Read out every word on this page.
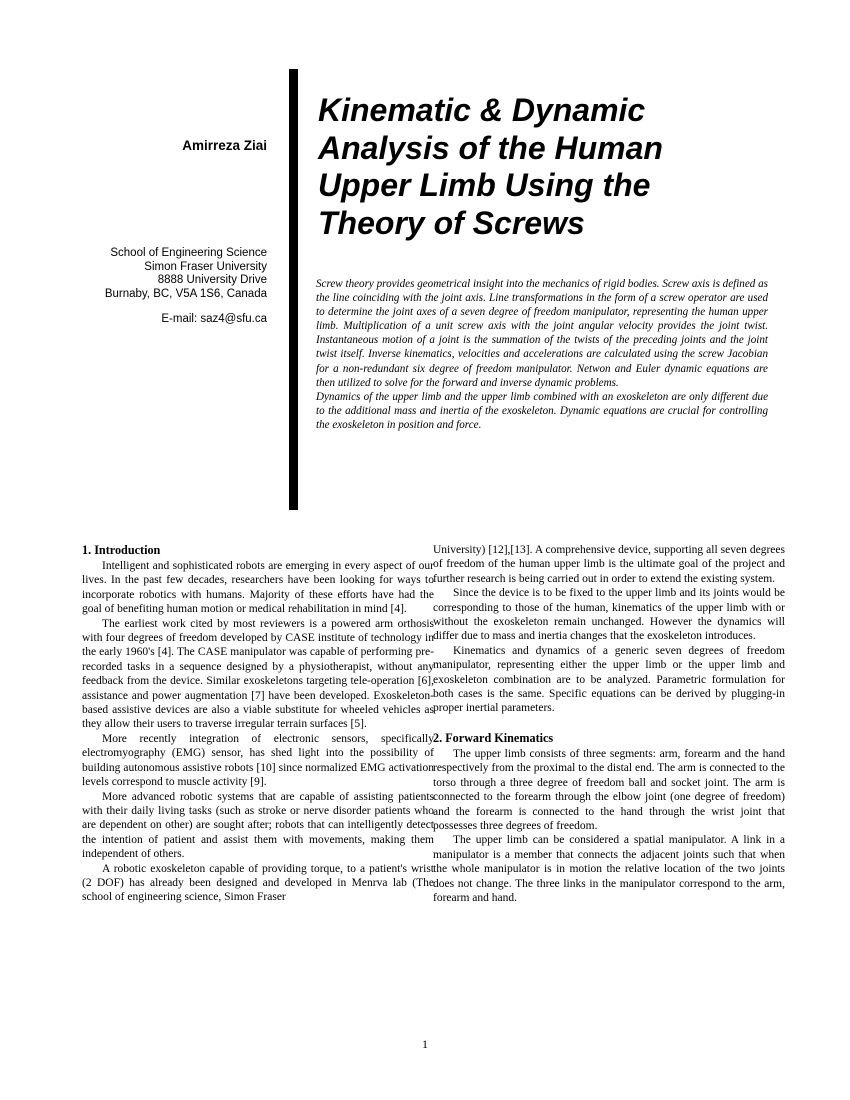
Amirreza Ziai
School of Engineering Science
Simon Fraser University
8888 University Drive
Burnaby, BC, V5A 1S6, Canada
E-mail: saz4@sfu.ca
Kinematic & Dynamic
Analysis of the Human
Upper Limb Using the
Theory of Screws

Screw theory provides geometrical insight into the mechanics of rigid bodies. Screw axis is defined as the line coinciding with the joint axis. Line transformations in the form of a screw operator are used to determine the joint axes of a seven degree of freedom manipulator, representing the human upper limb. Multiplication of a unit screw axis with the joint angular velocity provides the joint twist. Instantaneous motion of a joint is the summation of the twists of the preceding joints and the joint twist itself. Inverse kinematics, velocities and accelerations are calculated using the screw Jacobian for a non-redundant six degree of freedom manipulator. Netwon and Euler dynamic equations are then utilized to solve for the forward and inverse dynamic problems.

Dynamics of the upper limb and the upper limb combined with an exoskeleton are only different due to the additional mass and inertia of the exoskeleton. Dynamic equations are crucial for controlling the exoskeleton in position and force.

1. Introduction

Intelligent and sophisticated robots are emerging in every aspect of our lives. In the past few decades, researchers have been looking for ways to incorporate robotics with humans. Majority of these efforts have had the goal of benefiting human motion or medical rehabilitation in mind [4].

The earliest work cited by most reviewers is a powered arm orthosis with four degrees of freedom developed by CASE institute of technology in the early 1960's [4]. The CASE manipulator was capable of performing pre-recorded tasks in a sequence designed by a physiotherapist, without any feedback from the device. Similar exoskeletons targeting tele-operation [6], assistance and power augmentation [7] have been developed. Exoskeleton-based assistive devices are also a viable substitute for wheeled vehicles as they allow their users to traverse irregular terrain surfaces [5].

More recently integration of electronic sensors, specifically electromyography (EMG) sensor, has shed light into the possibility of building autonomous assistive robots [10] since normalized EMG activation levels correspond to muscle activity [9].

More advanced robotic systems that are capable of assisting patients with their daily living tasks (such as stroke or nerve disorder patients who are dependent on other) are sought after; robots that can intelligently detect the intention of patient and assist them with movements, making them independent of others.

A robotic exoskeleton capable of providing torque, to a patient's wrist (2 DOF) has already been designed and developed in Menrva lab (The school of engineering science, Simon Fraser

University) [12],[13]. A comprehensive device, supporting all seven degrees of freedom of the human upper limb is the ultimate goal of the project and further research is being carried out in order to extend the existing system.

Since the device is to be fixed to the upper limb and its joints would be corresponding to those of the human, kinematics of the upper limb with or without the exoskeleton remain unchanged. However the dynamics will differ due to mass and inertia changes that the exoskeleton introduces.

Kinematics and dynamics of a generic seven degrees of freedom manipulator, representing either the upper limb or the upper limb and exoskeleton combination are to be analyzed. Parametric formulation for both cases is the same. Specific equations can be derived by plugging-in proper inertial parameters.

2. Forward Kinematics

The upper limb consists of three segments: arm, forearm and the hand respectively from the proximal to the distal end. The arm is connected to the torso through a three degree of freedom ball and socket joint. The arm is connected to the forearm through the elbow joint (one degree of freedom) and the forearm is connected to the hand through the wrist joint that possesses three degrees of freedom.

The upper limb can be considered a spatial manipulator. A link in a manipulator is a member that connects the adjacent joints such that when the whole manipulator is in motion the relative location of the two joints does not change. The three links in the manipulator correspond to the arm, forearm and hand.

1
